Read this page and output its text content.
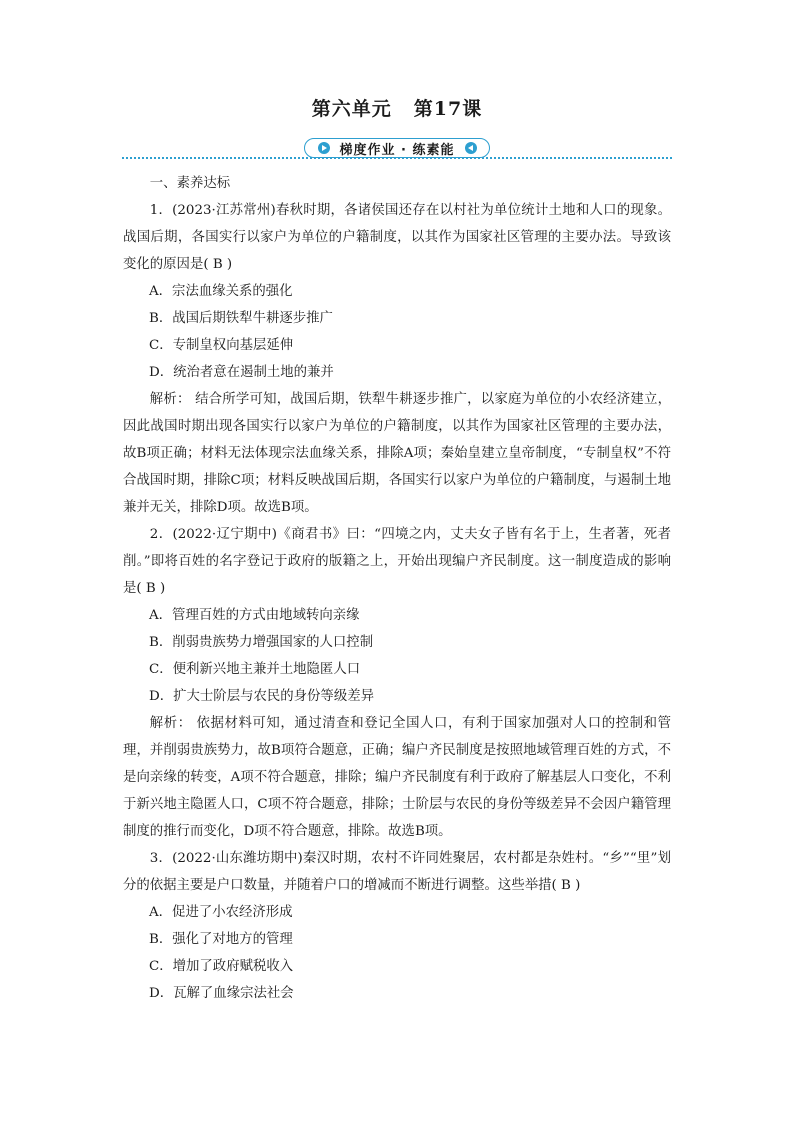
第六单元 第17课
梯度作业 · 练素能

一、素养达标

1．(2023·江苏常州)春秋时期，各诸侯国还存在以村社为单位统计土地和人口的现象。战国后期，各国实行以家户为单位的户籍制度，以其作为国家社区管理的主要办法。导致该变化的原因是( B )

A．宗法血缘关系的强化

B．战国后期铁犁牛耕逐步推广

C．专制皇权向基层延伸

D．统治者意在遏制土地的兼并

解析： 结合所学可知，战国后期，铁犁牛耕逐步推广，以家庭为单位的小农经济建立，因此战国时期出现各国实行以家户为单位的户籍制度，以其作为国家社区管理的主要办法，故B项正确；材料无法体现宗法血缘关系，排除A项；秦始皇建立皇帝制度，“专制皇权”不符合战国时期，排除C项；材料反映战国后期，各国实行以家户为单位的户籍制度，与遏制土地兼并无关，排除D项。故选B项。

2．(2022·辽宁期中)《商君书》曰：“四境之内，丈夫女子皆有名于上，生者著，死者削。”即将百姓的名字登记于政府的版籍之上，开始出现编户齐民制度。这一制度造成的影响是( B )

A．管理百姓的方式由地域转向亲缘

B．削弱贵族势力增强国家的人口控制

C．便利新兴地主兼并土地隐匿人口

D．扩大士阶层与农民的身份等级差异

解析： 依据材料可知，通过清查和登记全国人口，有利于国家加强对人口的控制和管理，并削弱贵族势力，故B项符合题意，正确；编户齐民制度是按照地域管理百姓的方式，不是向亲缘的转变，A项不符合题意，排除；编户齐民制度有利于政府了解基层人口变化，不利于新兴地主隐匿人口，C项不符合题意，排除；士阶层与农民的身份等级差异不会因户籍管理制度的推行而变化，D项不符合题意，排除。故选B项。

3．(2022·山东潍坊期中)秦汉时期，农村不许同姓聚居，农村都是杂姓村。“乡”“里”划分的依据主要是户口数量，并随着户口的增减而不断进行调整。这些举措( B )

A．促进了小农经济形成

B．强化了对地方的管理

C．增加了政府赋税收入

D．瓦解了血缘宗法社会
